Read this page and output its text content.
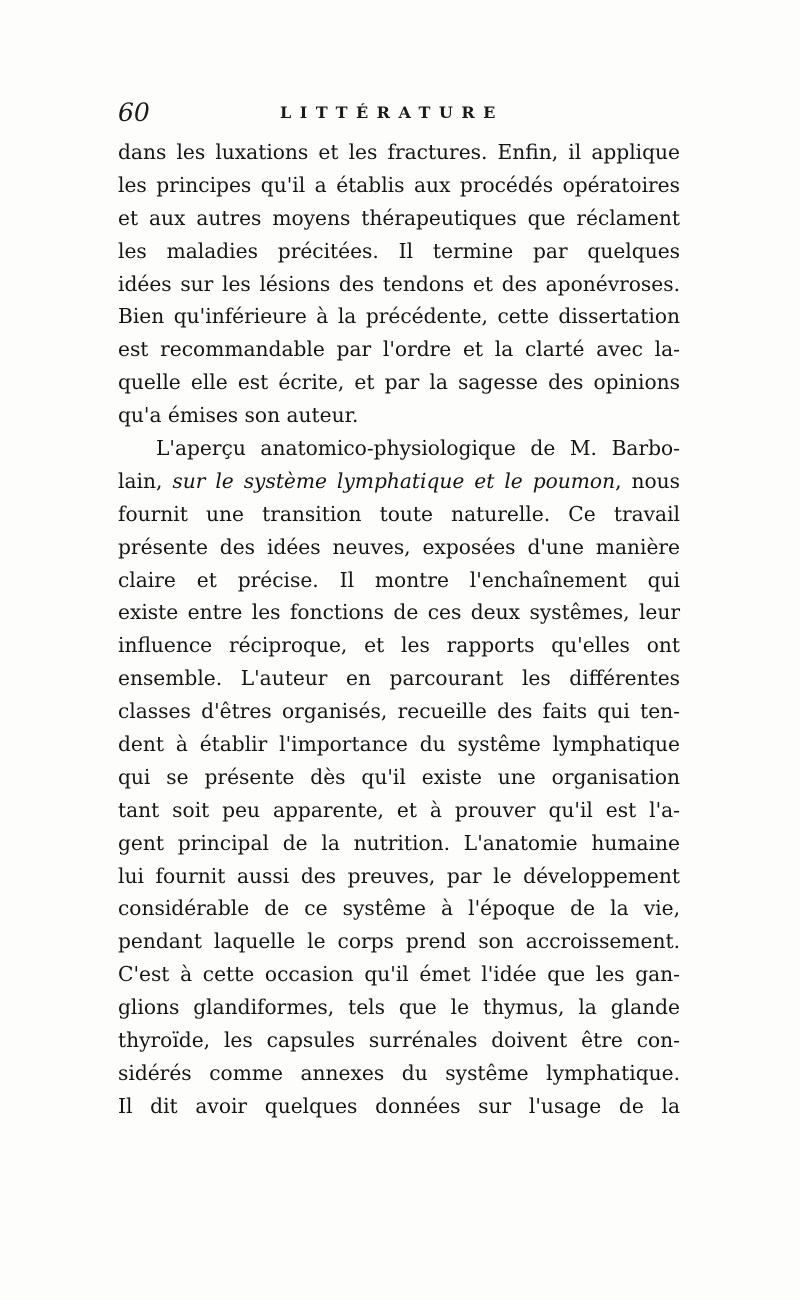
60	LITTÉRATURE
dans les luxations et les fractures. Enfin, il applique
les principes qu'il a établis aux procédés opératoires
et aux autres moyens thérapeutiques que réclament
les maladies précitées. Il termine par quelques
idées sur les lésions des tendons et des aponévroses.
Bien qu'inférieure à la précédente, cette dissertation
est recommandable par l'ordre et la clarté avec la-
quelle elle est écrite, et par la sagesse des opinions
qu'a émises son auteur.
L'aperçu anatomico-physiologique de M. Barbo-
lain, sur le système lymphatique et le poumon, nous
fournit une transition toute naturelle. Ce travail
présente des idées neuves, exposées d'une manière
claire et précise. Il montre l'enchaînement qui
existe entre les fonctions de ces deux systêmes, leur
influence réciproque, et les rapports qu'elles ont
ensemble. L'auteur en parcourant les différentes
classes d'êtres organisés, recueille des faits qui ten-
dent à établir l'importance du systême lymphatique
qui se présente dès qu'il existe une organisation
tant soit peu apparente, et à prouver qu'il est l'a-
gent principal de la nutrition. L'anatomie humaine
lui fournit aussi des preuves, par le développement
considérable de ce systême à l'époque de la vie,
pendant laquelle le corps prend son accroissement.
C'est à cette occasion qu'il émet l'idée que les gan-
glions glandiformes, tels que le thymus, la glande
thyroïde, les capsules surrénales doivent être con-
sidérés comme annexes du systême lymphatique.
Il dit avoir quelques données sur l'usage de la
